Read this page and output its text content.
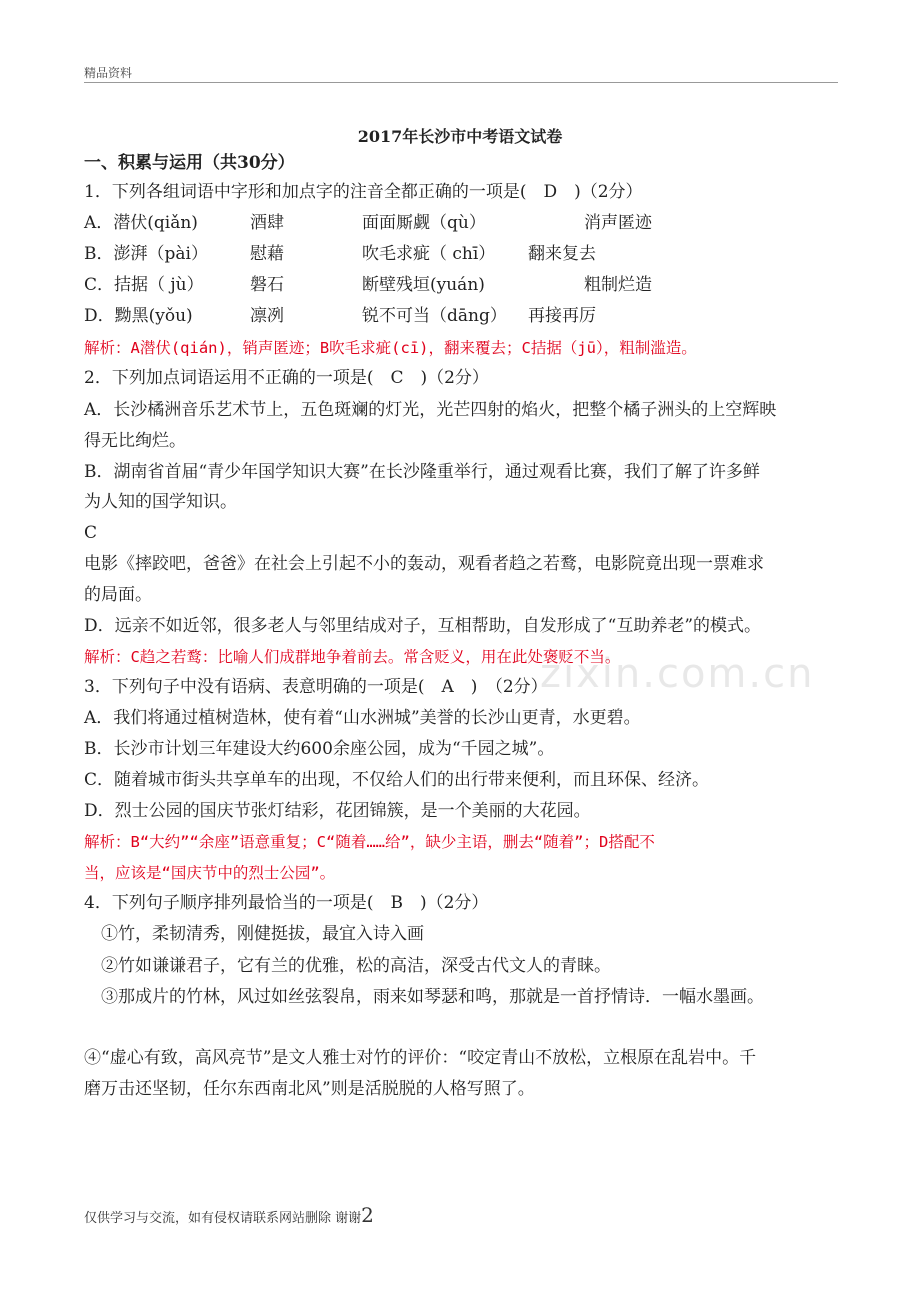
精品资料
zixin.com.cn
2017年长沙市中考语文试卷
一、积累与运用（共30分）
1．下列各组词语中字形和加点字的注音全都正确的一项是(　D　)（2分）
A．潜伏(qiǎn)	酒肆	面面厮觑（qù）	消声匿迹
B．澎湃（pài） 慰藉	吹毛求疵（ chī） 翻来复去
C．拮据（ jù）	磐石	断壁残垣(yuán)	粗制烂造
D．黝黑(yǒu)	凛冽	锐不可当（dāng） 再接再厉
解析：A潜伏(qián)，销声匿迹；B吹毛求疵(cī)，翻来覆去；C拮据（jū），粗制滥造。
2．下列加点词语运用不正确的一项是(　C　)（2分）
A．长沙橘洲音乐艺术节上，五色斑斓的灯光，光芒四射的焰火，把整个橘子洲头的上空辉映
得无比绚烂。
B．湖南省首届“青少年国学知识大赛”在长沙隆重举行，通过观看比赛，我们了解了许多鲜
为人知的国学知识。
C
电影《摔跤吧，爸爸》在社会上引起不小的轰动，观看者趋之若鹜，电影院竟出现一票难求
的局面。
D．远亲不如近邻，很多老人与邻里结成对子，互相帮助，自发形成了“互助养老”的模式。
解析：C趋之若鹜：比喻人们成群地争着前去。常含贬义，用在此处褒贬不当。
3．下列句子中没有语病、表意明确的一项是(　A　)　（2分）
A．我们将通过植树造林，使有着“山水洲城”美誉的长沙山更青，水更碧。
B．长沙市计划三年建设大约600余座公园，成为“千园之城”。
C．随着城市街头共享单车的出现，不仅给人们的出行带来便利，而且环保、经济。
D．烈士公园的国庆节张灯结彩，花团锦簇，是一个美丽的大花园。
解析：B“大约”“余座”语意重复；C“随着……给”，缺少主语，删去“随着”；D搭配不
当，应该是“国庆节中的烈士公园”。
4．下列句子顺序排列最恰当的一项是(　B　)（2分）
①竹，柔韧清秀，刚健挺拔，最宜入诗入画
②竹如谦谦君子，它有兰的优雅，松的高洁，深受古代文人的青睐。
③那成片的竹林，风过如丝弦裂帛，雨来如琴瑟和鸣，那就是一首抒情诗．一幅水墨画。
④“虚心有致，高风亮节”是文人雅士对竹的评价：“咬定青山不放松，立根原在乱岩中。千
磨万击还坚韧，任尔东西南北风”则是活脱脱的人格写照了。
仅供学习与交流，如有侵权请联系网站删除 谢谢2
